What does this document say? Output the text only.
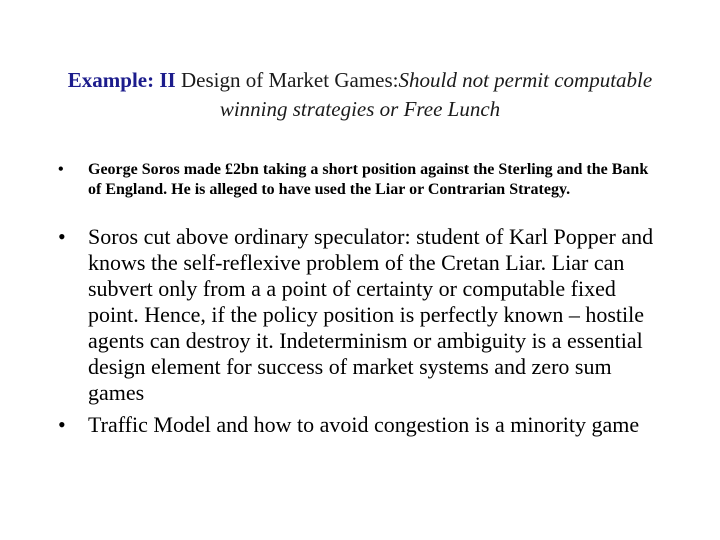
Example: II Design of Market Games:Should not permit computable winning strategies or Free Lunch
•	George Soros made £2bn taking a short position against the Sterling and the Bank of England. He is alleged to have used the Liar or Contrarian Strategy.
•	Soros cut above ordinary speculator: student of Karl Popper and knows the self-reflexive problem of the Cretan Liar. Liar can subvert only from a a point of certainty or computable fixed point. Hence, if the policy position is perfectly known – hostile agents can destroy it. Indeterminism or ambiguity is a essential design element for success of market systems and zero sum games
•	Traffic Model and how to avoid congestion is a minority game
